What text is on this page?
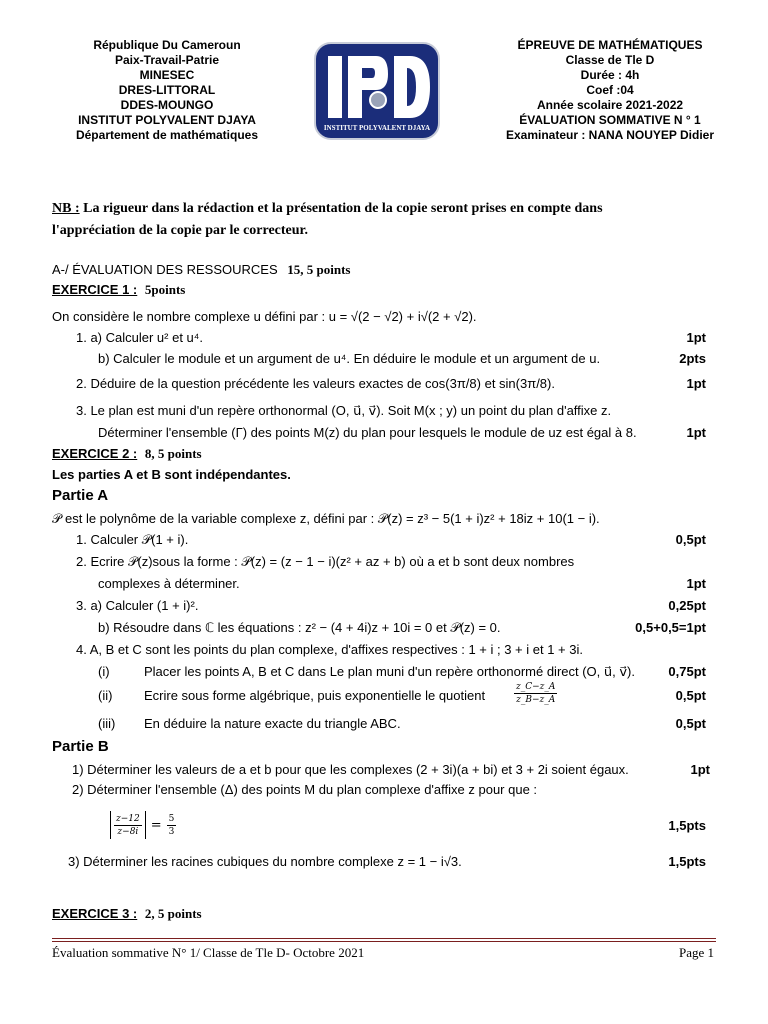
République Du Cameroun
Paix-Travail-Patrie
MINESEC
DRES-LITTORAL
DDES-MOUNGO
INSTITUT POLYVALENT DJAYA
Département de mathématiques	INSTITUT POLYVALENT DJAYA
ÉPREUVE DE MATHÉMATIQUES
Classe de Tle D
Durée : 4h
Coef :04
Année scolaire 2021-2022
ÉVALUATION SOMMATIVE N ° 1
Examinateur : NANA NOUYEP Didier
NB : La rigueur dans la rédaction et la présentation de la copie seront prises en compte dans
l'appréciation de la copie par le correcteur.
A-/ ÉVALUATION DES RESSOURCES 15, 5 points
EXERCICE 1 : 5points
On considère le nombre complexe u défini par : u = √(2 − √2) + i√(2 + √2).
1. a) Calculer u² et u⁴.	1pt
b) Calculer le module et un argument de u⁴. En déduire le module et un argument de u.	2pts
2. Déduire de la question précédente les valeurs exactes de cos(3π/8) et sin(3π/8).	1pt
3. Le plan est muni d'un repère orthonormal (O, u⃗, v⃗). Soit M(x ; y) un point du plan d'affixe z.
Déterminer l'ensemble (Γ) des points M(z) du plan pour lesquels le module de uz est égal à 8.	1pt
EXERCICE 2 : 8, 5 points
Les parties A et B sont indépendantes.
Partie A
𝒫 est le polynôme de la variable complexe z, défini par : 𝒫(z) = z³ − 5(1 + i)z² + 18iz + 10(1 − i).
1. Calculer 𝒫(1 + i).	0,5pt
2. Ecrire 𝒫(z)sous la forme : 𝒫(z) = (z − 1 − i)(z² + az + b) où a et b sont deux nombres
complexes à déterminer.	1pt
3. a) Calculer (1 + i)².	0,25pt
b) Résoudre dans ℂ les équations : z² − (4 + 4i)z + 10i = 0 et 𝒫(z) = 0.	0,5+0,5=1pt
4. A, B et C sont les points du plan complexe, d'affixes respectives : 1 + i ; 3 + i et 1 + 3i.
(i)	Placer les points A, B et C dans Le plan muni d'un repère orthonormé direct (O, u⃗, v⃗).	0,75pt
(ii) Ecrire sous forme algébrique, puis exponentielle le quotient	$\frac{z\_C-z\_A}{z\_B-z\_A}$	0,5pt
(iii) En déduire la nature exacte du triangle ABC.	0,5pt
Partie B
1) Déterminer les valeurs de a et b pour que les complexes (2 + 3i)(a + bi) et 3 + 2i soient égaux.	1pt
2) Déterminer l'ensemble (Δ) des points M du plan complexe d'affixe z pour que :
$\frac{z-12}{z-8i} = \frac{5}{3}$	1,5pts
3) Déterminer les racines cubiques du nombre complexe z = 1 − i√3.	1,5pts
EXERCICE 3 : 2, 5 points
Évaluation sommative N° 1/ Classe de Tle D- Octobre 2021	Page 1
